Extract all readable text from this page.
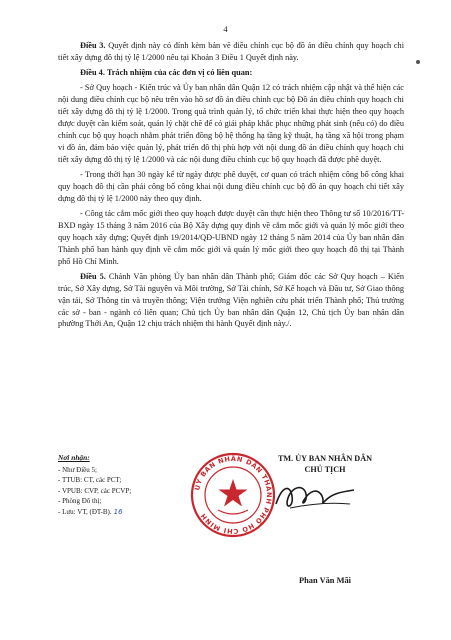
4

Điều 3. Quyết định này có đính kèm bản vẽ điều chỉnh cục bộ đồ án điều chỉnh quy hoạch chi tiết xây dựng đô thị tỷ lệ 1/2000 nêu tại Khoản 3 Điều 1 Quyết định này.

Điều 4. Trách nhiệm của các đơn vị có liên quan:

- Sở Quy hoạch - Kiến trúc và Ủy ban nhân dân Quận 12 có trách nhiệm cập nhật và thể hiện các nội dung điều chỉnh cục bộ nêu trên vào hồ sơ đồ án điều chỉnh cục bộ Đồ án điều chỉnh quy hoạch chi tiết xây dựng đô thị tỷ lệ 1/2000. Trong quá trình quản lý, tổ chức triển khai thực hiện theo quy hoạch được duyệt cần kiểm soát, quản lý chặt chẽ để có giải pháp khắc phục những phát sinh (nếu có) do điều chỉnh cục bộ quy hoạch nhằm phát triển đồng bộ hệ thống hạ tầng kỹ thuật, hạ tầng xã hội trong phạm vi đồ án, đảm bảo việc quản lý, phát triển đô thị phù hợp với nội dung đồ án điều chỉnh quy hoạch chi tiết xây dựng đô thị tỷ lệ 1/2000 và các nội dung điều chỉnh cục bộ quy hoạch đã được phê duyệt.

- Trong thời hạn 30 ngày kể từ ngày được phê duyệt, cơ quan có trách nhiệm công bố công khai quy hoạch đô thị cần phải công bố công khai nội dung điều chỉnh cục bộ đồ án quy hoạch chi tiết xây dựng đô thị tỷ lệ 1/2000 này theo quy định.

- Công tác cắm mốc giới theo quy hoạch được duyệt cần thực hiện theo Thông tư số 10/2016/TT-BXD ngày 15 tháng 3 năm 2016 của Bộ Xây dựng quy định về cắm mốc giới và quản lý mốc giới theo quy hoạch xây dựng; Quyết định 19/2014/QĐ-UBND ngày 12 tháng 5 năm 2014 của Ủy ban nhân dân Thành phố ban hành quy định về cắm mốc giới và quản lý mốc giới theo quy hoạch đô thị tại Thành phố Hồ Chí Minh.

Điều 5. Chánh Văn phòng Ủy ban nhân dân Thành phố; Giám đốc các Sở Quy hoạch – Kiến trúc, Sở Xây dựng, Sở Tài nguyên và Môi trường, Sở Tài chính, Sở Kế hoạch và Đầu tư, Sở Giao thông vận tải, Sở Thông tin và truyền thông; Viện trưởng Viện nghiên cứu phát triển Thành phố; Thủ trưởng các sở - ban - ngành có liên quan; Chủ tịch Ủy ban nhân dân Quận 12, Chủ tịch Ủy ban nhân dân phường Thới An, Quận 12 chịu trách nhiệm thi hành Quyết định này./.

Nơi nhận:
- Như Điều 5;
- TTUB: CT, các PCT;
- VPUB: CVP, các PCVP;
- Phòng Đô thị;
- Lưu: VT, (ĐT-B). 16
ỦY BAN NHÂN DÂN THÀNH PHỐ HỒ CHÍ MINH
TM. ỦY BAN NHÂN DÂN
CHỦ TỊCH
Phan Văn Mãi
